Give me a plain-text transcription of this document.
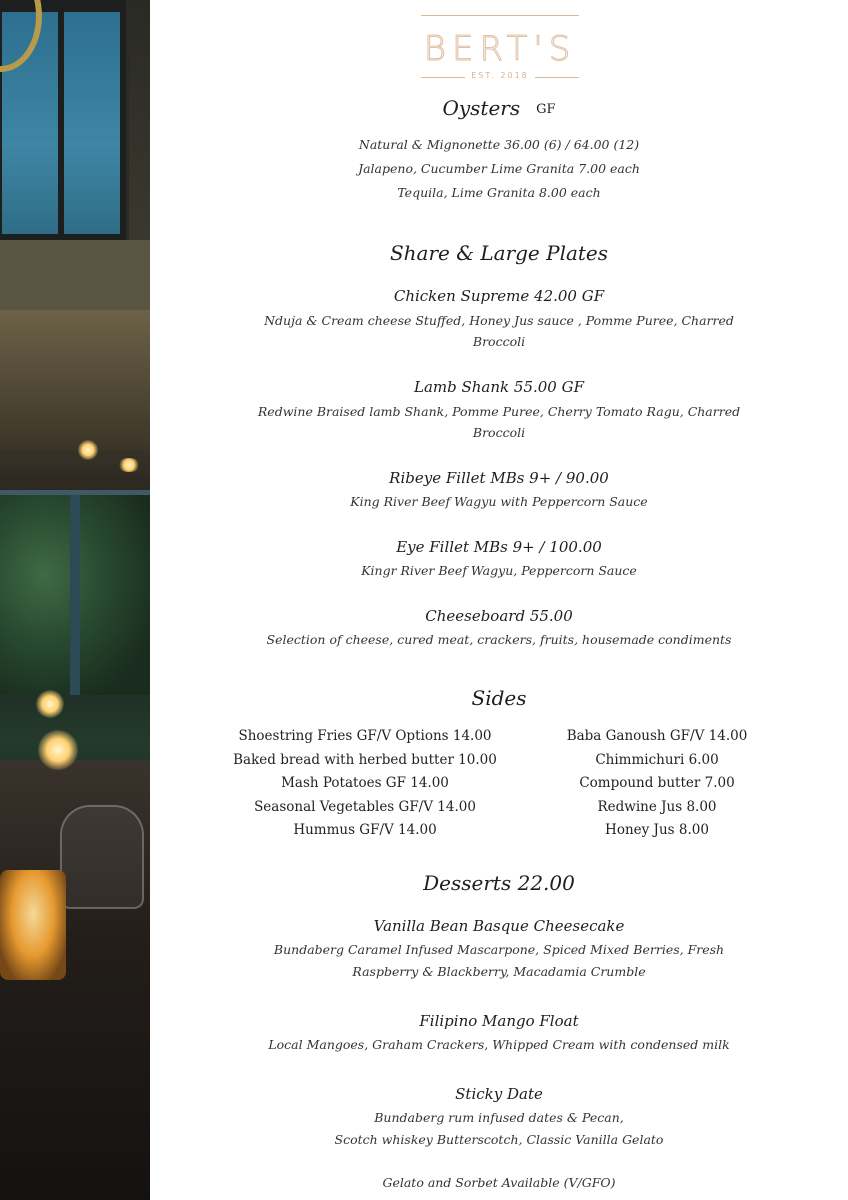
BERT'S
EST. 2018
Oysters GF
Natural & Mignonette 36.00 (6) / 64.00 (12)
Jalapeno, Cucumber Lime Granita 7.00 each
Tequila, Lime Granita 8.00 each
Share & Large Plates
Chicken Supreme 42.00 GF
Nduja & Cream cheese Stuffed, Honey Jus sauce , Pomme Puree, Charred
Broccoli
Lamb Shank 55.00 GF
Redwine Braised lamb Shank, Pomme Puree, Cherry Tomato Ragu, Charred
Broccoli
Ribeye Fillet MBs 9+ / 90.00
King River Beef Wagyu with Peppercorn Sauce
Eye Fillet MBs 9+ / 100.00
Kingr River Beef Wagyu, Peppercorn Sauce
Cheeseboard 55.00
Selection of cheese, cured meat, crackers, fruits, housemade condiments
Sides
Shoestring Fries GF/V Options 14.00
Baked bread with herbed butter 10.00
Mash Potatoes GF 14.00
Seasonal Vegetables GF/V 14.00
Hummus GF/V 14.00
Baba Ganoush GF/V 14.00
Chimmichuri 6.00
Compound butter 7.00
Redwine Jus 8.00
Honey Jus 8.00
Desserts 22.00
Vanilla Bean Basque Cheesecake
Bundaberg Caramel Infused Mascarpone, Spiced Mixed Berries, Fresh
Raspberry & Blackberry, Macadamia Crumble
Filipino Mango Float
Local Mangoes, Graham Crackers, Whipped Cream with condensed milk
Sticky Date
Bundaberg rum infused dates & Pecan,
Scotch whiskey Butterscotch, Classic Vanilla Gelato
Gelato and Sorbet Available (V/GFO)
